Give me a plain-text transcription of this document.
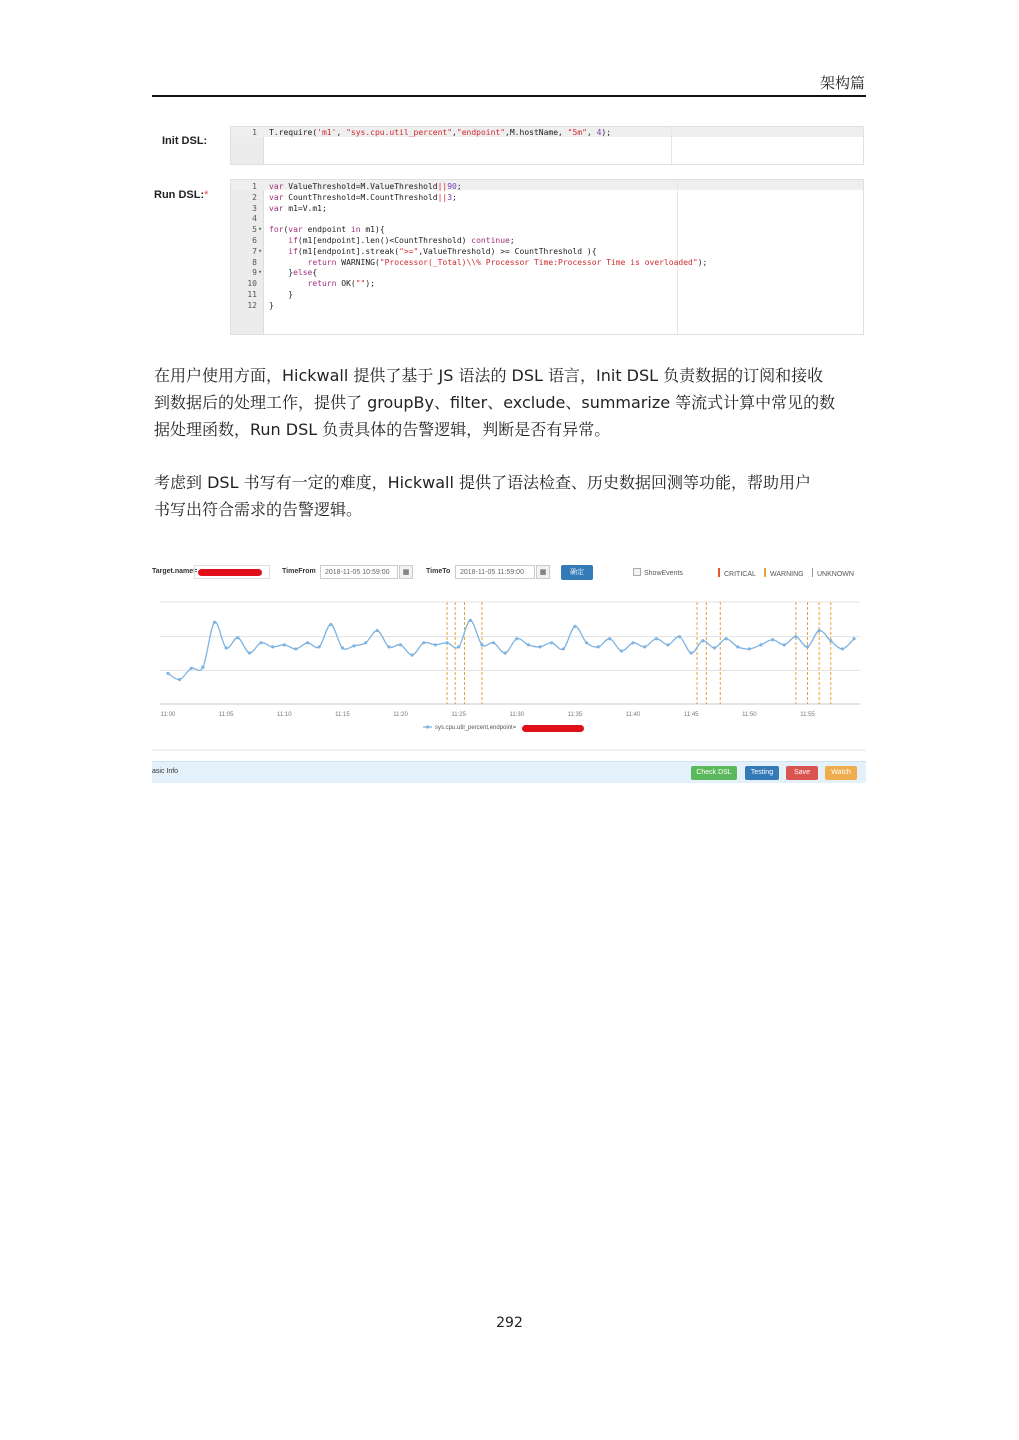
架构篇
Init DSL:
1 T.require('m1', "sys.cpu.util_percent","endpoint",M.hostName, "5m", 4);
Run DSL:*
1 var ValueThreshold=M.ValueThreshold||90;
2 var CountThreshold=M.CountThreshold||3;
3 var m1=V.m1;
4
5 ▾ for(var endpoint in m1){
6	if(m1[endpoint].len()<CountThreshold) continue;
7 ▾	if(m1[endpoint].streak(">=",ValueThreshold) >= CountThreshold ){
8	return WARNING("Processor(_Total)\\% Processor Time:Processor Time is overloaded");
9 ▾ }else{
10	return OK("");
11 }
12 }
在用户使用方面，Hickwall 提供了基于 JS 语法的 DSL 语言，Init DSL 负责数据的订阅和接收
到数据后的处理工作，提供了 groupBy、filter、exclude、summarize 等流式计算中常见的数
据处理函数，Run DSL 负责具体的告警逻辑，判断是否有异常。
考虑到 DSL 书写有一定的难度，Hickwall 提供了语法检查、历史数据回测等功能，帮助用户
书写出符合需求的告警逻辑。
Target.name=	TimeFrom	2018-11-05 10:59:00	▦	TimeTo	2018-11-05 11:59:00	▦	确定	ShowEvents	CRITICAL	WARNING	UNKNOWN
11:00	11:05	11:10	11:15	11:20	11:25	11:30	11:35	11:40	11:45	11:50	11:55
sys.cpu.util_percent,endpoint=
asic Info	Check DSL	Testing	Save	Watch
292
